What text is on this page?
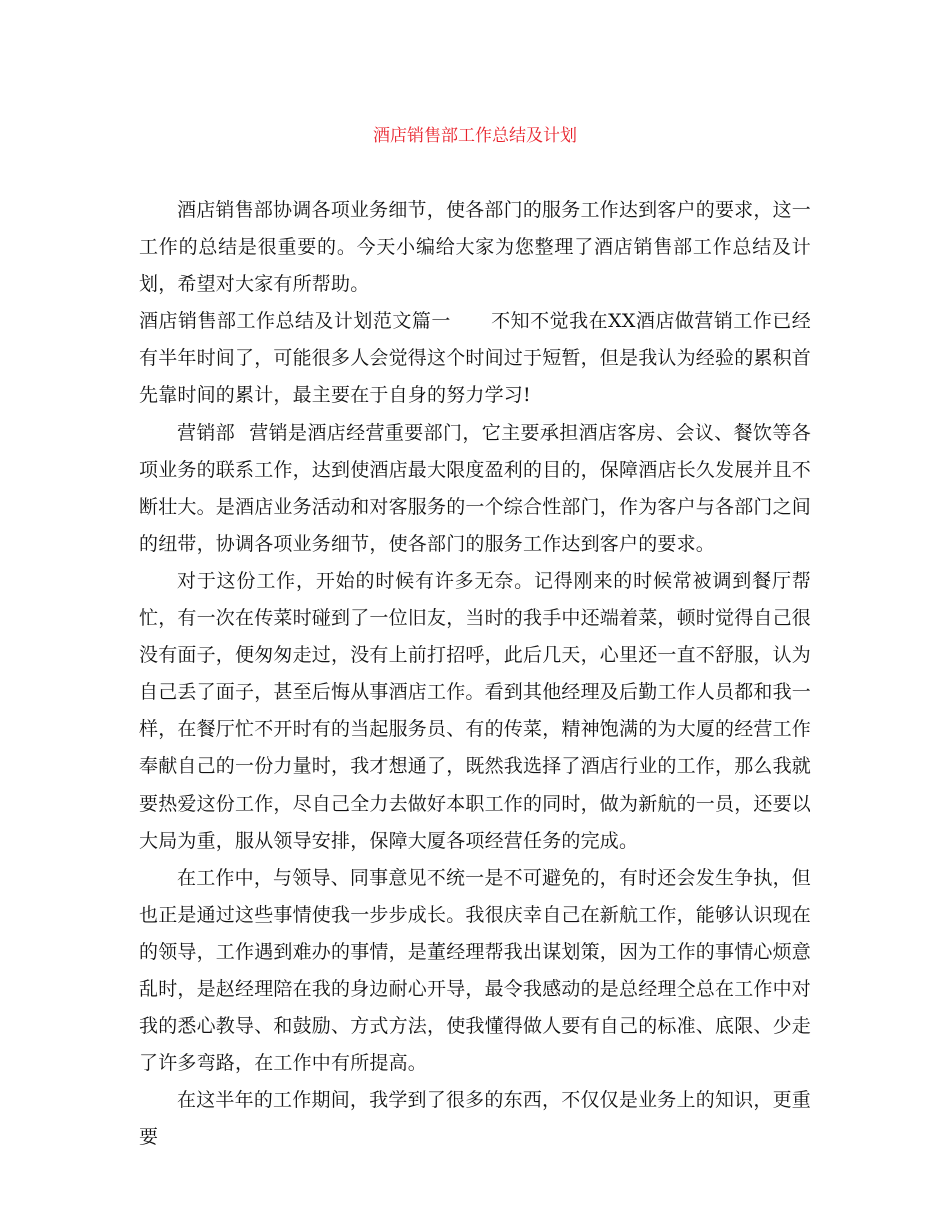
酒店销售部工作总结及计划

酒店销售部协调各项业务细节，使各部门的服务工作达到客户的要求，这一工作的总结是很重要的。今天小编给大家为您整理了酒店销售部工作总结及计划，希望对大家有所帮助。

酒店销售部工作总结及计划范文篇一 不知不觉我在XX酒店做营销工作已经有半年时间了，可能很多人会觉得这个时间过于短暂，但是我认为经验的累积首先靠时间的累计，最主要在于自身的努力学习!

营销部 营销是酒店经营重要部门，它主要承担酒店客房、会议、餐饮等各项业务的联系工作，达到使酒店最大限度盈利的目的，保障酒店长久发展并且不断壮大。是酒店业务活动和对客服务的一个综合性部门，作为客户与各部门之间的纽带，协调各项业务细节，使各部门的服务工作达到客户的要求。

对于这份工作，开始的时候有许多无奈。记得刚来的时候常被调到餐厅帮忙，有一次在传菜时碰到了一位旧友，当时的我手中还端着菜，顿时觉得自己很没有面子，便匆匆走过，没有上前打招呼，此后几天，心里还一直不舒服，认为自己丢了面子，甚至后悔从事酒店工作。看到其他经理及后勤工作人员都和我一样，在餐厅忙不开时有的当起服务员、有的传菜，精神饱满的为大厦的经营工作奉献自己的一份力量时，我才想通了，既然我选择了酒店行业的工作，那么我就要热爱这份工作，尽自己全力去做好本职工作的同时，做为新航的一员，还要以大局为重，服从领导安排，保障大厦各项经营任务的完成。

在工作中，与领导、同事意见不统一是不可避免的，有时还会发生争执，但也正是通过这些事情使我一步步成长。我很庆幸自己在新航工作，能够认识现在的领导，工作遇到难办的事情，是董经理帮我出谋划策，因为工作的事情心烦意乱时，是赵经理陪在我的身边耐心开导，最令我感动的是总经理仝总在工作中对我的悉心教导、和鼓励、方式方法，使我懂得做人要有自己的标准、底限、少走了许多弯路，在工作中有所提高。

在这半年的工作期间，我学到了很多的东西，不仅仅是业务上的知识，更重要
